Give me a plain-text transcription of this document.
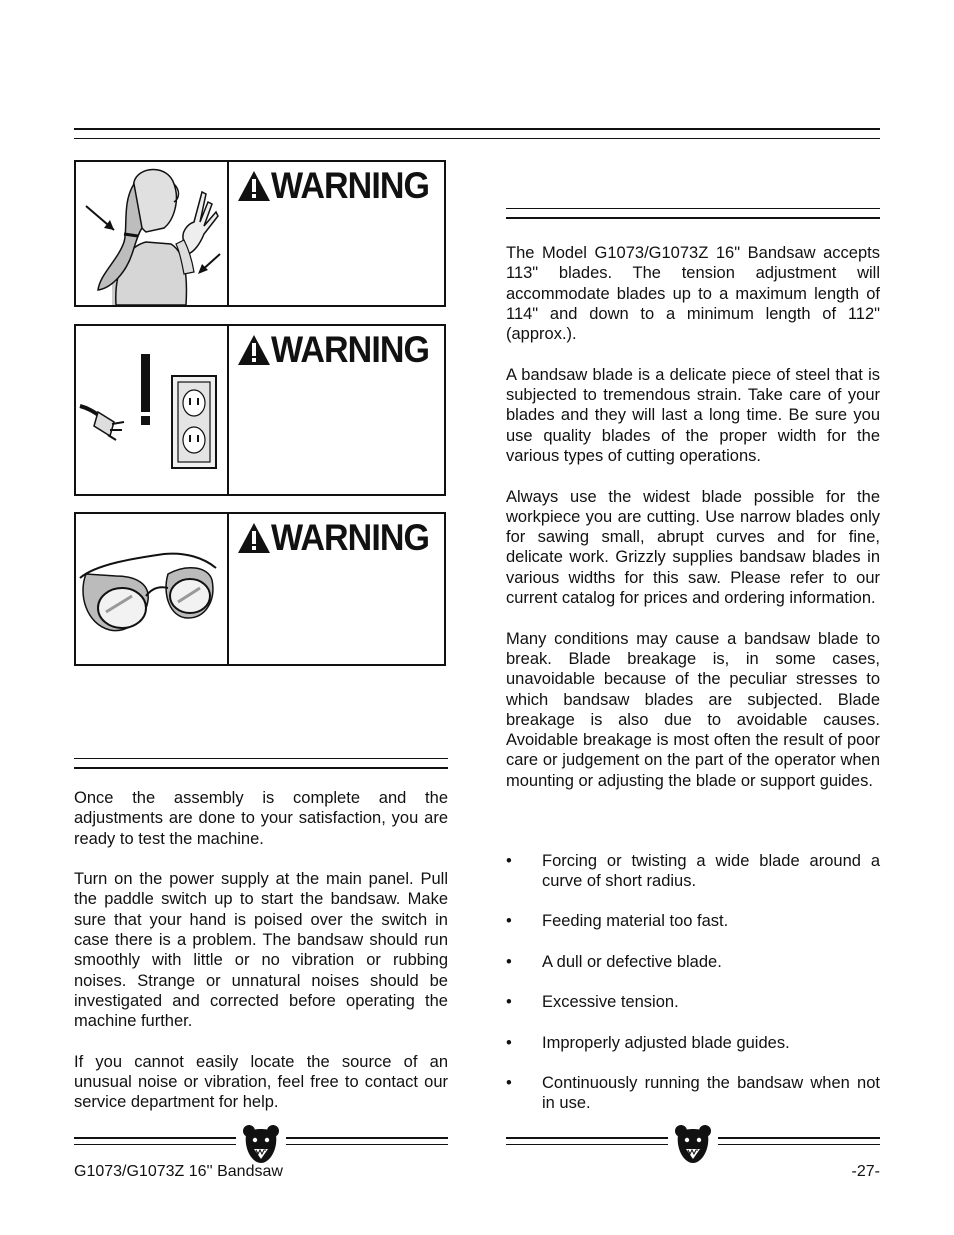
WARNING
WARNING
WARNING

Once the assembly is complete and the adjustments are done to your satisfaction, you are ready to test the machine.

Turn on the power supply at the main panel. Pull the paddle switch up to start the bandsaw. Make sure that your hand is poised over the switch in case there is a problem. The bandsaw should run smoothly with little or no vibration or rubbing noises. Strange or unnatural noises should be investigated and corrected before operating the machine further.

If you cannot easily locate the source of an unusual noise or vibration, feel free to contact our service department for help.

The Model G1073/G1073Z 16" Bandsaw accepts 113" blades. The tension adjustment will accommodate blades up to a maximum length of 114" and down to a minimum length of 112" (approx.).

A bandsaw blade is a delicate piece of steel that is subjected to tremendous strain. Take care of your blades and they will last a long time. Be sure you use quality blades of the proper width for the various types of cutting operations.

Always use the widest blade possible for the workpiece you are cutting. Use narrow blades only for sawing small, abrupt curves and for fine, delicate work. Grizzly supplies bandsaw blades in various widths for this saw. Please refer to our current catalog for prices and ordering information.

Many conditions may cause a bandsaw blade to break. Blade breakage is, in some cases, unavoidable because of the peculiar stresses to which bandsaw blades are subjected. Blade breakage is also due to avoidable causes. Avoidable breakage is most often the result of poor care or judgement on the part of the operator when mounting or adjusting the blade or support guides.

•	Forcing or twisting a wide blade around a curve of short radius.
•	Feeding material too fast.
•	A dull or defective blade.
•	Excessive tension.
•	Improperly adjusted blade guides.
•	Continuously running the bandsaw when not in use.
G1073/G1073Z 16'' Bandsaw	-27-
